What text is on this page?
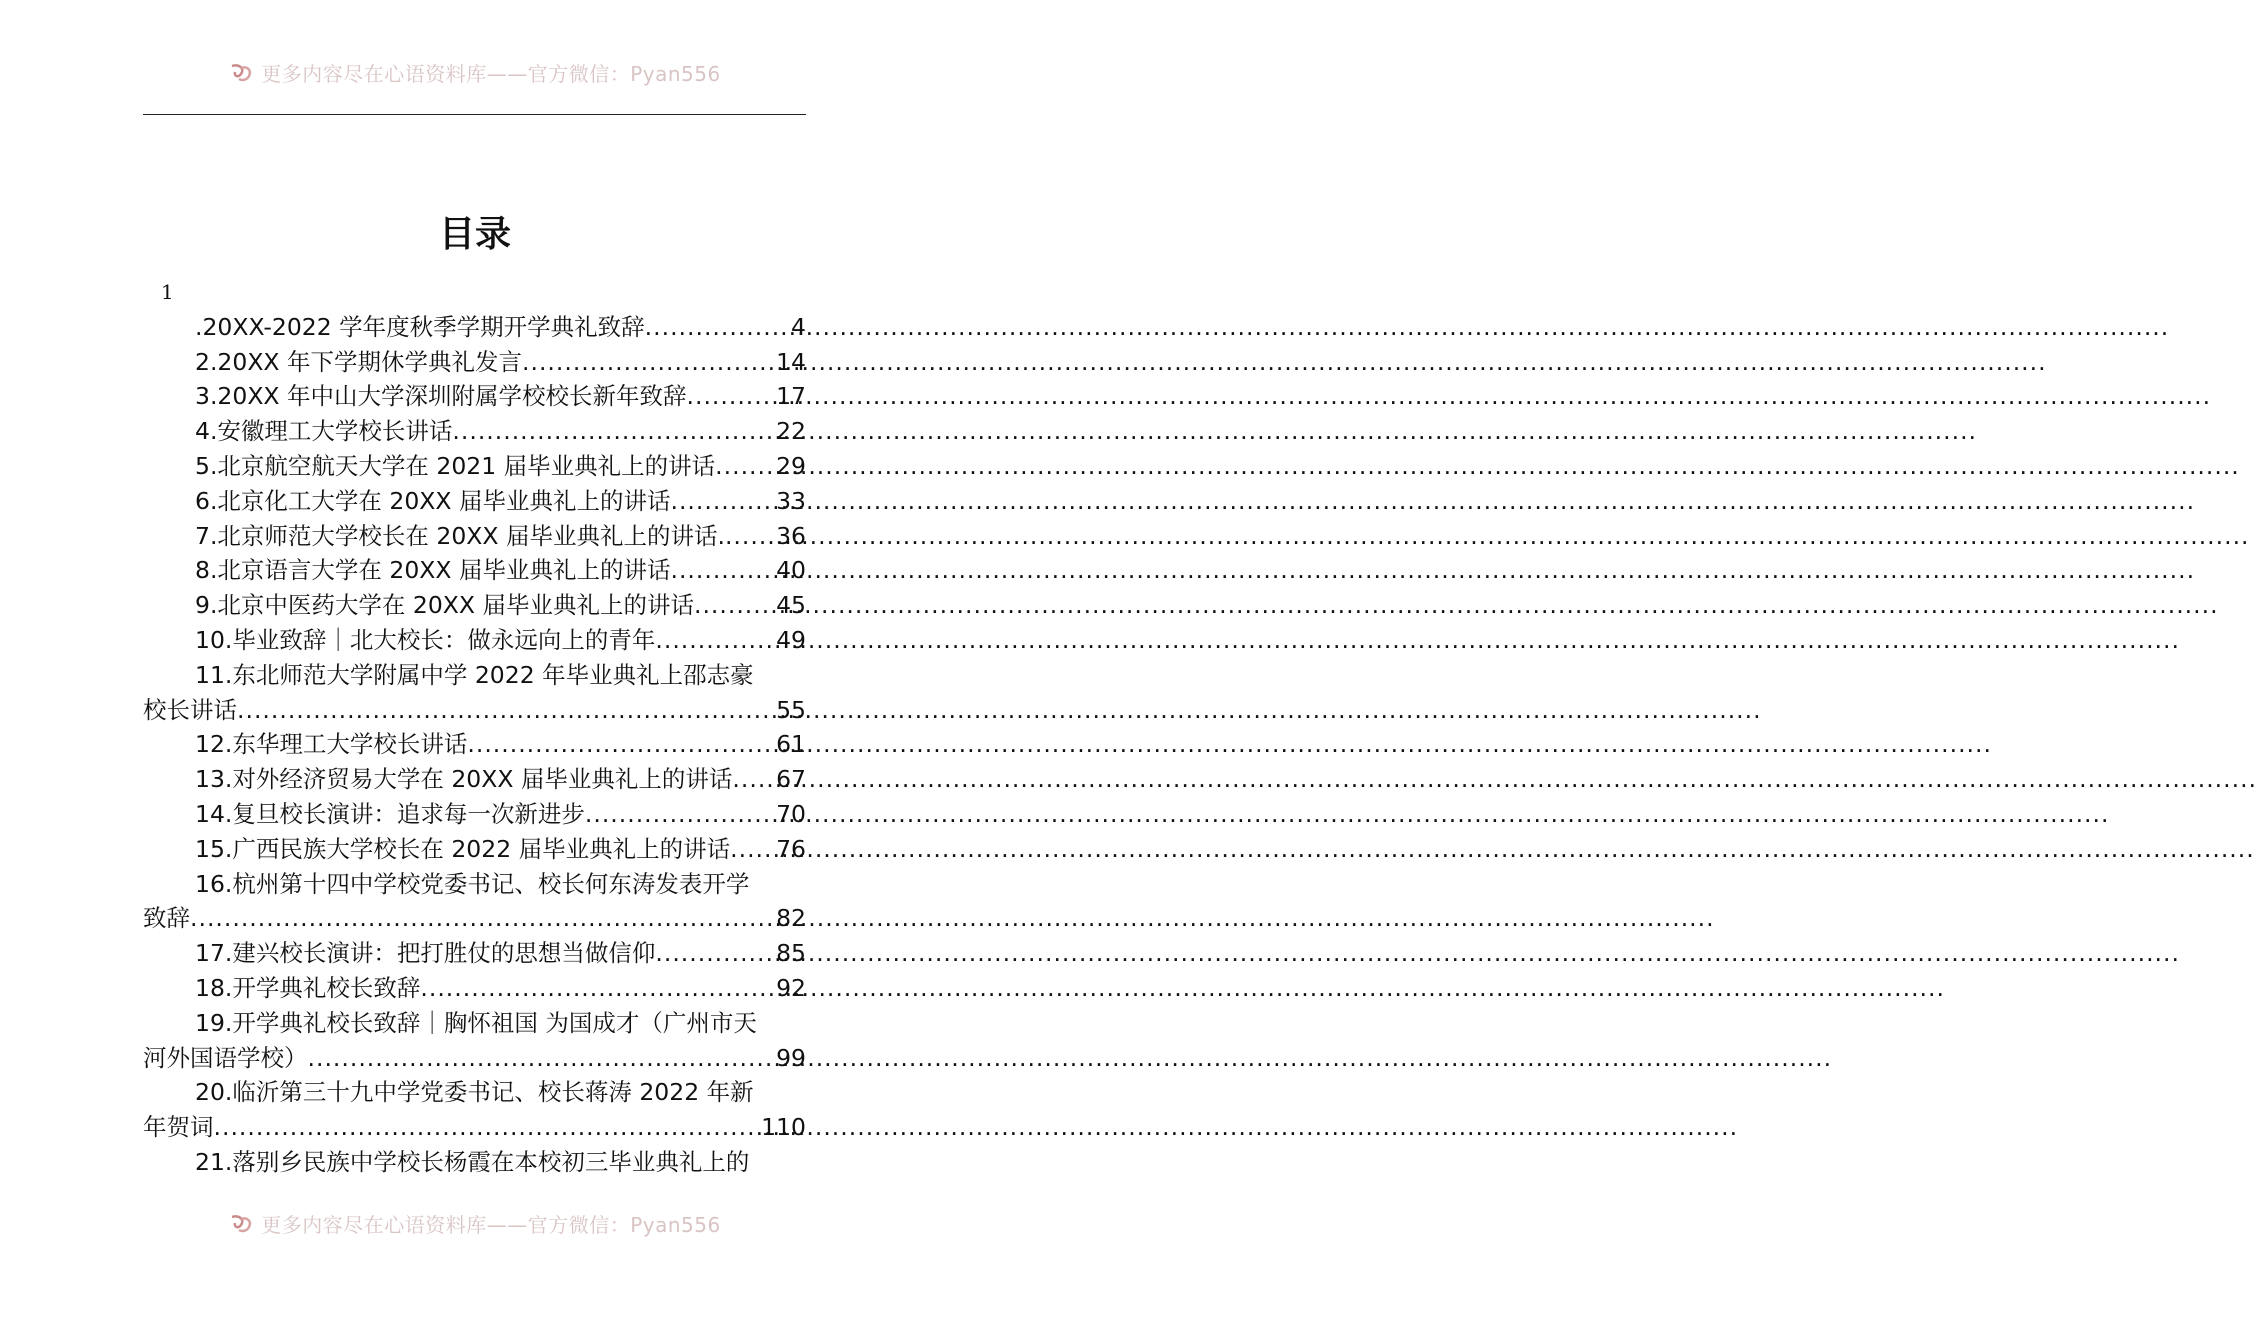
更多内容尽在心语资料库——官方微信：Pyan556
目录
1
.20XX-2022 学年度秋季学期开学典礼致辞 .....	4
2.20XX 年下学期休学典礼发言 .....	14
3.20XX 年中山大学深圳附属学校校长新年致辞 .....	17
4.安徽理工大学校长讲话 .....	22
5.北京航空航天大学在 2021 届毕业典礼上的讲话 .....	29
6.北京化工大学在 20XX 届毕业典礼上的讲话 .....	33
7.北京师范大学校长在 20XX 届毕业典礼上的讲话. ..... 36
8.北京语言大学在 20XX 届毕业典礼上的讲话 .....	40
9.北京中医药大学在 20XX 届毕业典礼上的讲话 .....	45
10.毕业致辞｜北大校长：做永远向上的青年 .....	49
11.东北师范大学附属中学 2022 年毕业典礼上邵志豪
校长讲话 .....	55
12.东华理工大学校长讲话 .....	61
13.对外经济贸易大学在 20XX 届毕业典礼上的讲话 ..... 67
14.复旦校长演讲：追求每一次新进步 .....	70
15.广西民族大学校长在 2022 届毕业典礼上的讲话 ..... 76
16.杭州第十四中学校党委书记、校长何东涛发表开学
致辞 .....	82
17.建兴校长演讲：把打胜仗的思想当做信仰 .....	85
18.开学典礼校长致辞 .....	92
19.开学典礼校长致辞｜胸怀祖国 为国成才（广州市天
河外国语学校） .....	99
20.临沂第三十九中学党委书记、校长蒋涛 2022 年新
年贺词 .....	110
21.落别乡民族中学校长杨霞在本校初三毕业典礼上的
更多内容尽在心语资料库——官方微信：Pyan556
